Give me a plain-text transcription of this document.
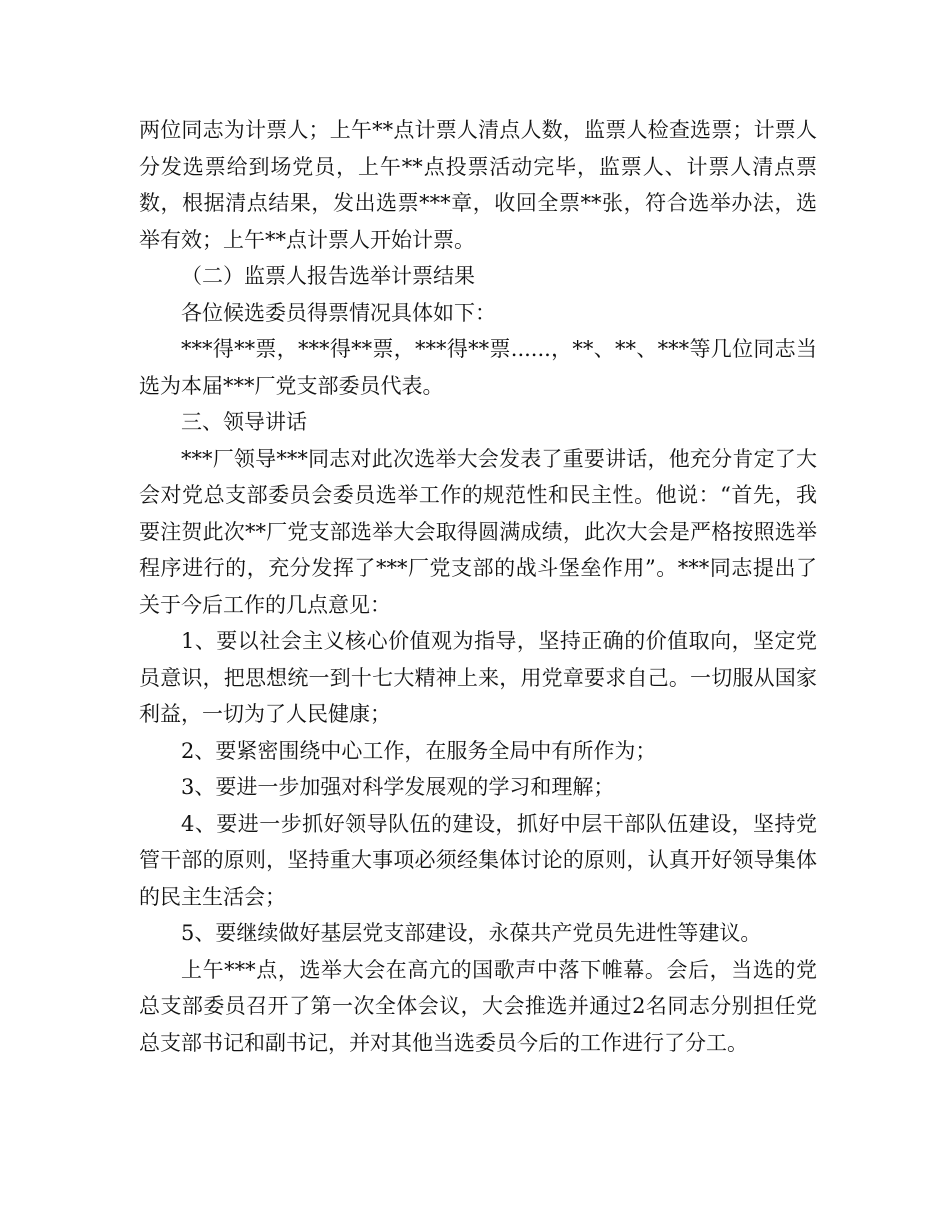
两位同志为计票人；上午**点计票人清点人数，监票人检查选票；计票人分发选票给到场党员，上午**点投票活动完毕，监票人、计票人清点票数，根据清点结果，发出选票***章，收回全票**张，符合选举办法，选举有效；上午**点计票人开始计票。

（二）监票人报告选举计票结果

各位候选委员得票情况具体如下：

***得**票，***得**票，***得**票......，**、**、***等几位同志当选为本届***厂党支部委员代表。

三、领导讲话

***厂领导***同志对此次选举大会发表了重要讲话，他充分肯定了大会对党总支部委员会委员选举工作的规范性和民主性。他说：“首先，我要注贺此次**厂党支部选举大会取得圆满成绩，此次大会是严格按照选举程序进行的，充分发挥了***厂党支部的战斗堡垒作用”。***同志提出了关于今后工作的几点意见：

1、要以社会主义核心价值观为指导，坚持正确的价值取向，坚定党员意识，把思想统一到十七大精神上来，用党章要求自己。一切服从国家利益，一切为了人民健康；

2、要紧密围绕中心工作，在服务全局中有所作为；

3、要进一步加强对科学发展观的学习和理解；

4、要进一步抓好领导队伍的建设，抓好中层干部队伍建设，坚持党管干部的原则，坚持重大事项必须经集体讨论的原则，认真开好领导集体的民主生活会；

5、要继续做好基层党支部建设，永葆共产党员先进性等建议。

上午***点，选举大会在高亢的国歌声中落下帷幕。会后，当选的党总支部委员召开了第一次全体会议，大会推选并通过2名同志分别担任党总支部书记和副书记，并对其他当选委员今后的工作进行了分工。
